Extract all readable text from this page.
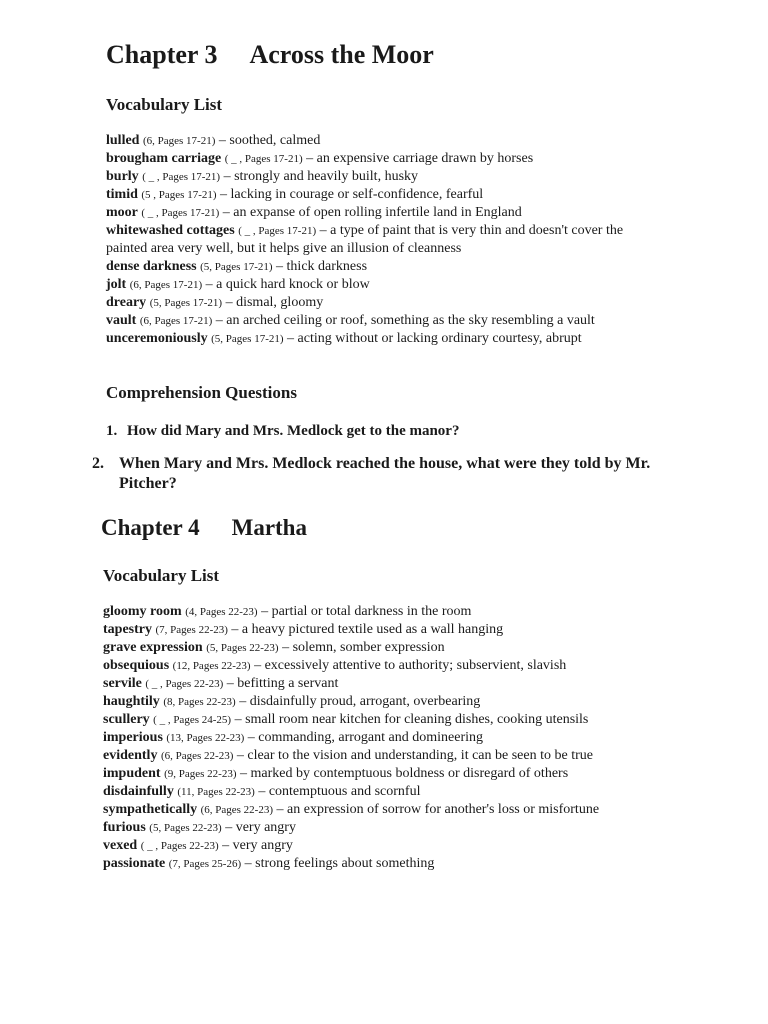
Chapter 3 Across the Moor
Vocabulary List
lulled (6, Pages 17-21) – soothed, calmed
brougham carriage ( _ , Pages 17-21) – an expensive carriage drawn by horses
burly ( _ , Pages 17-21) – strongly and heavily built, husky
timid (5 , Pages 17-21) – lacking in courage or self-confidence, fearful
moor ( _ , Pages 17-21) – an expanse of open rolling infertile land in England
whitewashed cottages ( _ , Pages 17-21) – a type of paint that is very thin and doesn't cover the painted area very well, but it helps give an illusion of cleanness
dense darkness (5, Pages 17-21) – thick darkness
jolt (6, Pages 17-21) – a quick hard knock or blow
dreary (5, Pages 17-21) – dismal, gloomy
vault (6, Pages 17-21) – an arched ceiling or roof, something as the sky resembling a vault
unceremoniously (5, Pages 17-21) – acting without or lacking ordinary courtesy, abrupt
Comprehension Questions
1. How did Mary and Mrs. Medlock get to the manor?
2. When Mary and Mrs. Medlock reached the house, what were they told by Mr. Pitcher?
Chapter 4 Martha
Vocabulary List
gloomy room (4, Pages 22-23) – partial or total darkness in the room
tapestry (7, Pages 22-23) – a heavy pictured textile used as a wall hanging
grave expression (5, Pages 22-23) – solemn, somber expression
obsequious (12, Pages 22-23) – excessively attentive to authority; subservient, slavish
servile ( _ , Pages 22-23) – befitting a servant
haughtily (8, Pages 22-23) – disdainfully proud, arrogant, overbearing
scullery ( _ , Pages 24-25) – small room near kitchen for cleaning dishes, cooking utensils
imperious (13, Pages 22-23) – commanding, arrogant and domineering
evidently (6, Pages 22-23) – clear to the vision and understanding, it can be seen to be true
impudent (9, Pages 22-23) – marked by contemptuous boldness or disregard of others
disdainfully (11, Pages 22-23) – contemptuous and scornful
sympathetically (6, Pages 22-23) – an expression of sorrow for another's loss or misfortune
furious (5, Pages 22-23) – very angry
vexed ( _ , Pages 22-23) – very angry
passionate (7, Pages 25-26) – strong feelings about something
